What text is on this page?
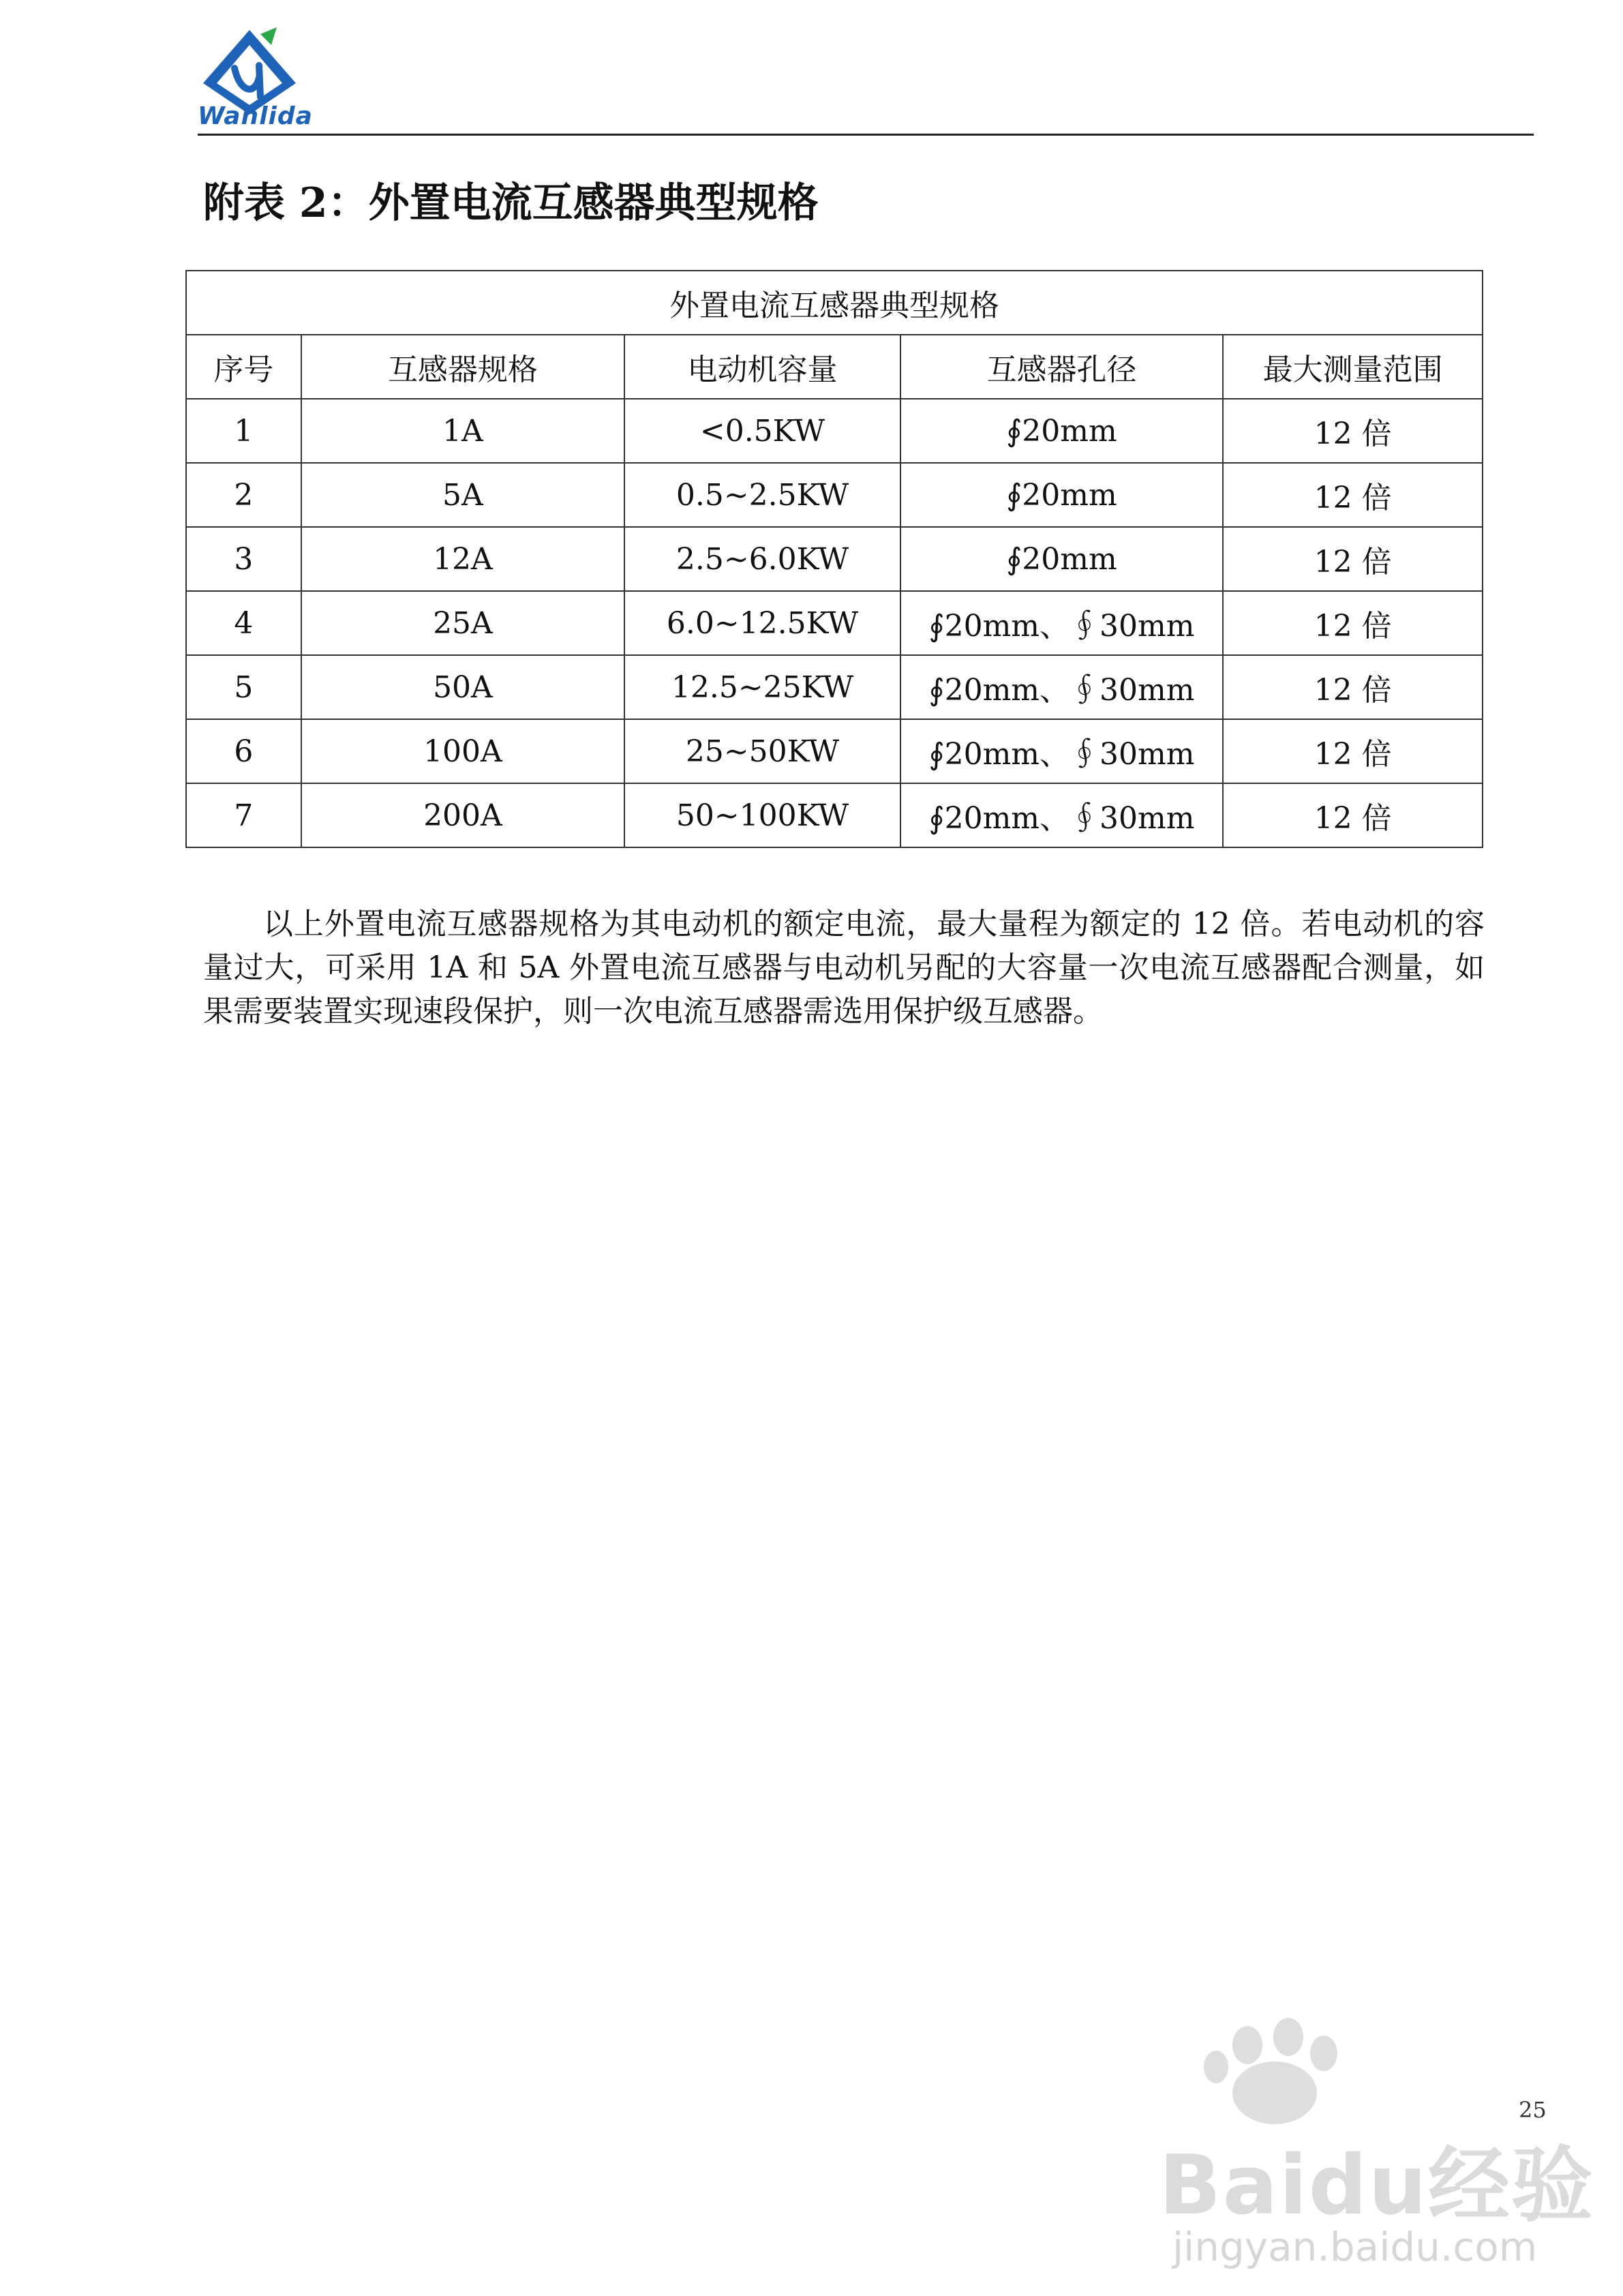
Wanlida
附表 2：外置电流互感器典型规格
外置电流互感器典型规格				
序号	互感器规格	电动机容量	互感器孔径	最大测量范围
1	1A	<0.5KW	∮20mm	12 倍
2	5A	0.5~2.5KW	∮20mm	12 倍
3	12A	2.5~6.0KW	∮20mm	12 倍
4	25A	6.0~12.5KW	∮20mm、∮30mm	12 倍
5	50A	12.5~25KW	∮20mm、∮30mm	12 倍
6	100A	25~50KW	∮20mm、∮30mm	12 倍
7	200A	50~100KW	∮20mm、∮30mm	12 倍

以上外置电流互感器规格为其电动机的额定电流，最大量程为额定的 12 倍。若电动机的容量过大，可采用 1A 和 5A 外置电流互感器与电动机另配的大容量一次电流互感器配合测量，如果需要装置实现速段保护，则一次电流互感器需选用保护级互感器。

Baidu经验
jingyan.baidu.com
25
